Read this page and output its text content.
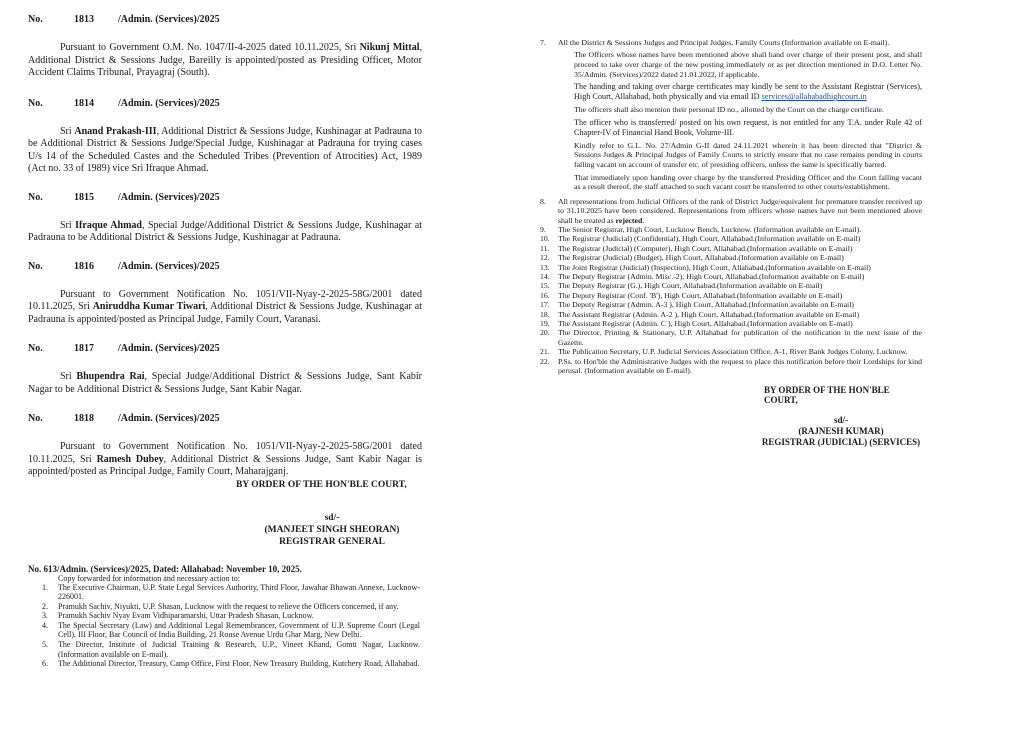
No.	1813 /Admin. (Services)/2025

Pursuant to Government O.M. No. 1047/II-4-2025 dated 10.11.2025, Sri Nikunj Mittal, Additional District & Sessions Judge, Bareilly is appointed/posted as Presiding Officer, Motor Accident Claims Tribunal, Prayagraj (South).

No.	1814 /Admin. (Services)/2025

Sri Anand Prakash-III, Additional District & Sessions Judge, Kushinagar at Padrauna to be Additional District & Sessions Judge/Special Judge, Kushinagar at Padrauna for trying cases U/s 14 of the Scheduled Castes and the Scheduled Tribes (Prevention of Atrocities) Act, 1989 (Act no. 33 of 1989) vice Sri Ifraque Ahmad.

No.	1815 /Admin. (Services)/2025

Sri Ifraque Ahmad, Special Judge/Additional District & Sessions Judge, Kushinagar at Padrauna to be Additional District & Sessions Judge, Kushinagar at Padrauna.

No.	1816 /Admin. (Services)/2025

Pursuant to Government Notification No. 1051/VII-Nyay-2-2025-58G/2001 dated 10.11.2025, Sri Aniruddha Kumar Tiwari, Additional District & Sessions Judge, Kushinagar at Padrauna is appointed/posted as Principal Judge, Family Court, Varanasi.

No.	1817 /Admin. (Services)/2025

Sri Bhupendra Rai, Special Judge/Additional District & Sessions Judge, Sant Kabir Nagar to be Additional District & Sessions Judge, Sant Kabir Nagar.

No.	1818 /Admin. (Services)/2025

Pursuant to Government Notification No. 1051/VII-Nyay-2-2025-58G/2001 dated 10.11.2025, Sri Ramesh Dubey, Additional District & Sessions Judge, Sant Kabir Nagar is appointed/posted as Principal Judge, Family Court, Maharajganj.

BY ORDER OF THE HON'BLE COURT,
sd/-
(MANJEET SINGH SHEORAN)
REGISTRAR GENERAL

No. 613/Admin. (Services)/2025, Dated: Allahabad: November 10, 2025.

Copy forwarded for information and necessary action to:

1. The Executive Chairman, U.P. State Legal Services Authority, Third Floor, Jawahar Bhawan Annexe, Lucknow-226001.
2. Pramukh Sachiv, Niyukti, U.P. Shasan, Lucknow with the request to relieve the Officers concerned, if any.
3. Pramukh Sachiv Nyay Evam Vidhiparamarshi, Uttar Pradesh Shasan, Lucknow.
4. The Special Secretary (Law) and Additional Legal Remembrancer, Government of U.P. Supreme Court (Legal Cell), III Floor, Bar Council of India Building, 21 Rouse Avenue Urdu Ghar Marg, New Delhi.
5. The Director, Institute of Judicial Training & Research, U.P., Vineet Khand, Gomti Nagar, Lucknow. (Information available on E-mail).
6. The Additional Director, Treasury, Camp Office, First Floor, New Treasury Building, Kutchery Road, Allahabad.
7. All the District & Sessions Judges and Principal Judges, Family Courts (Information available on E-mail).
The Officers whose names have been mentioned above shall hand over charge of their present post, and shall proceed to take over charge of the new posting immediately or as per direction mentioned in D.O. Letter No. 35/Admin. (Services)/2022 dated 21.01.2022, if applicable.
The handing and taking over charge certificates may kindly be sent to the Assistant Registrar (Services), High Court, Allahabad, both physically and via email ID services@allahabadhighcourt.in
The officers shall also mention their personal ID no., allotted by the Court on the charge certificate.
The officer who is transferred/ posted on his own request, is not entitled for any T.A. under Rule 42 of Chapter-IV of Financial Hand Book, Volume-III.
Kindly refer to G.L. No. 27/Admin G-II dated 24.11.2021 wherein it has been directed that "District & Sessions Judges & Principal Judges of Family Courts to strictly ensure that no case remains pending in courts falling vacant on account of transfer etc. of presiding officers, unless the same is specifically barred.
That immediately upon handing over charge by the transferred Presiding Officer and the Court falling vacant as a result thereof, the staff attached to such vacant court be transferred to other courts/establishment.
8. All representations from Judicial Officers of the rank of District Judge/equivalent for premature transfer received up to 31.10.2025 have been considered. Representations from officers whose names have not been mentioned above shall be treated as rejected.
9. The Senior Registrar, High Court, Lucknow Bench, Lucknow. (Information available on E-mail).
10. The Registrar (Judicial) (Confidential), High Court, Allahabad.(Information available on E-mail)
11. The Registrar (Judicial) (Computer), High Court, Allahabad.(Information available on E-mail)
12. The Registrar (Judicial) (Budget), High Court, Allahabad.(Information available on E-mail)
13. The Joint Registrar (Judicial) (Inspection), High Court, Allahabad.(Information available on E-mail)
14. The Deputy Registrar (Admin. Misc.-2), High Court, Allahabad.(Information available on E-mail)
15. The Deputy Registrar (G.), High Court, Allahabad.(Information available on E-mail)
16. The Deputy Registrar (Conf. 'B'), High Court, Allahabad.(Information available on E-mail)
17. The Deputy Registrar (Admin. A-3 ), High Court, Allahabad.(Information available on E-mail)
18. The Assistant Registrar (Admin. A-2 ), High Court, Allahabad.(Information available on E-mail)
19. The Assistant Registrar (Admin. C ), High Court, Allahabad.(Information available on E-mail)
20. The Director, Printing & Stationary, U.P. Allahabad for publication of the notification in the next issue of the Gazette.
21. The Publication Secretary, U.P. Judicial Services Association Office, A-1, River Bank Judges Colony, Lucknow.
22. P.Ss. to Hon'ble the Administrative Judges with the request to place this notification before their Lordships for kind perusal. (Information available on E-mail).
BY ORDER OF THE HON'BLE COURT,
sd/-
(RAJNESH KUMAR)
REGISTRAR (JUDICIAL) (SERVICES)
